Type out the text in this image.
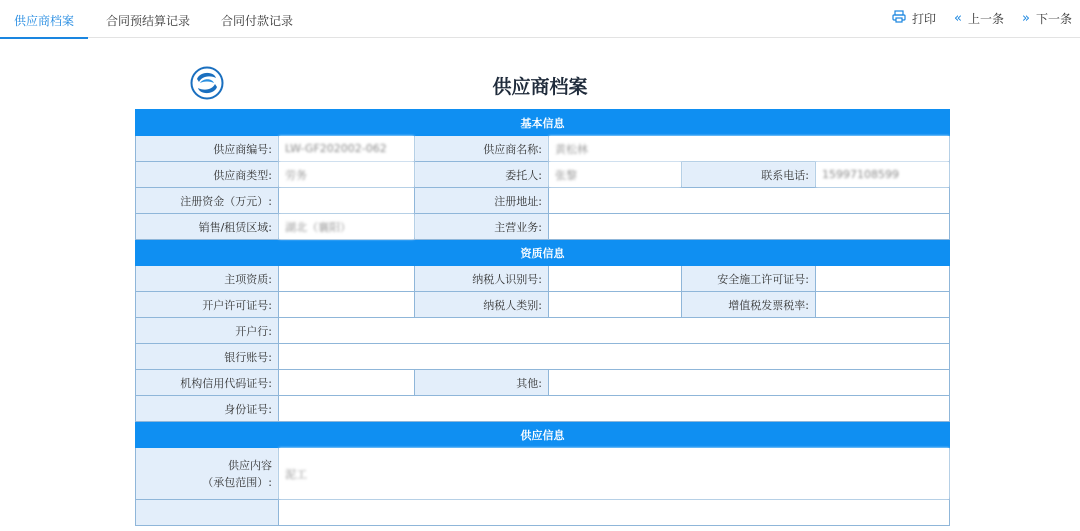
供应商档案	合同预结算记录	合同付款记录	打印 « 上一条 » 下一条
供应商档案
基本信息					
供应商编号:	LW-GF202002-062	供应商名称:	黄松林		
供应商类型:	劳务	委托人:	张黎	联系电话:	15997108599
注册资金（万元）:		注册地址:			
销售/租赁区域:	湖北（襄阳）	主营业务:			
资质信息					
主项资质:		纳税人识别号:		安全施工许可证号:	
开户许可证号:		纳税人类别:		增值税发票税率:	
开户行:					
银行账号:					
机构信用代码证号:		其他:			
身份证号:					
供应信息					

供应内容
（承包范围）:	泥工				
